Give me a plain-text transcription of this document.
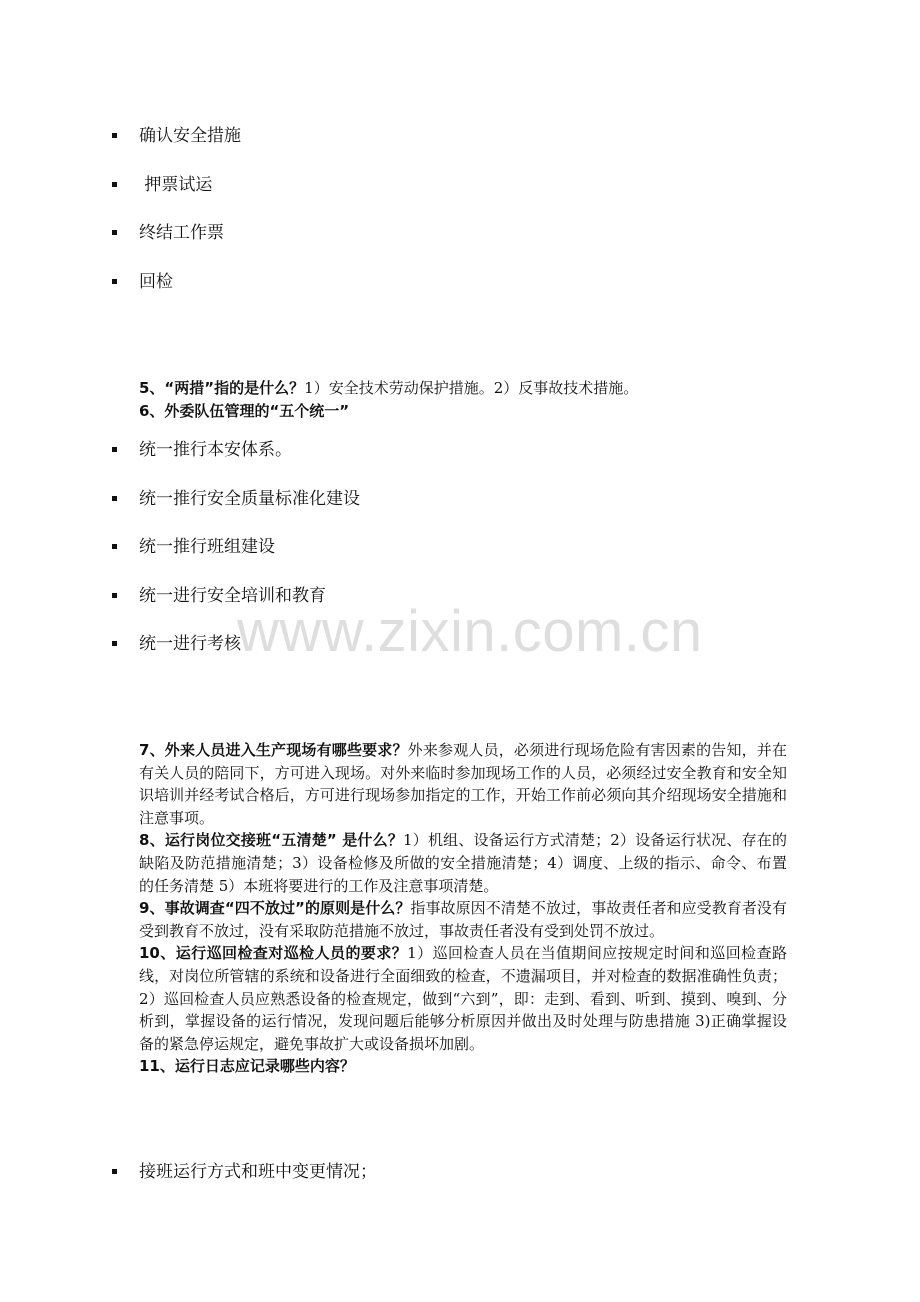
确认安全措施
押票试运
终结工作票
回检
5、“两措”指的是什么？1）安全技术劳动保护措施。2）反事故技术措施。
6、外委队伍管理的“五个统一”
统一推行本安体系。
统一推行安全质量标准化建设
统一推行班组建设
统一进行安全培训和教育
统一进行考核
www.zixin.com.cn
7、外来人员进入生产现场有哪些要求？外来参观人员，必须进行现场危险有害因素的告知，并在有关人员的陪同下，方可进入现场。对外来临时参加现场工作的人员，必须经过安全教育和安全知识培训并经考试合格后，方可进行现场参加指定的工作，开始工作前必须向其介绍现场安全措施和注意事项。
8、运行岗位交接班“五清楚” 是什么？1）机组、设备运行方式清楚；2）设备运行状况、存在的缺陷及防范措施清楚；3）设备检修及所做的安全措施清楚；4）调度、上级的指示、命令、布置的任务清楚 5）本班将要进行的工作及注意事项清楚。
9、事故调查“四不放过”的原则是什么？指事故原因不清楚不放过，事故责任者和应受教育者没有受到教育不放过，没有采取防范措施不放过，事故责任者没有受到处罚不放过。
10、运行巡回检查对巡检人员的要求？1）巡回检查人员在当值期间应按规定时间和巡回检查路线，对岗位所管辖的系统和设备进行全面细致的检查，不遗漏项目，并对检查的数据准确性负责；2）巡回检查人员应熟悉设备的检查规定，做到“六到”，即：走到、看到、听到、摸到、嗅到、分析到，掌握设备的运行情况，发现问题后能够分析原因并做出及时处理与防患措施 3)正确掌握设备的紧急停运规定，避免事故扩大或设备损坏加剧。
11、运行日志应记录哪些内容？
接班运行方式和班中变更情况；
